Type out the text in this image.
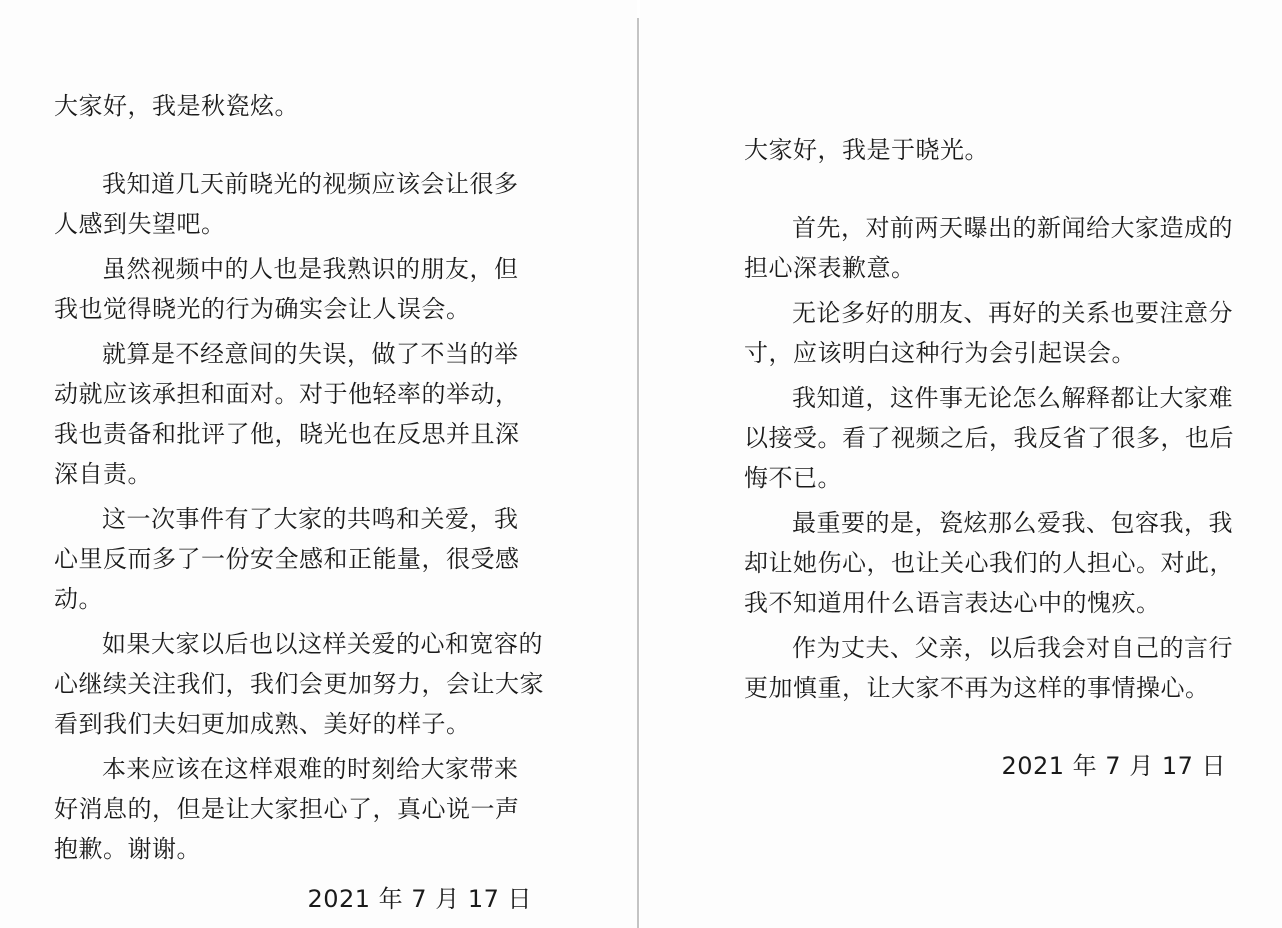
大家好，我是秋瓷炫。

我知道几天前晓光的视频应该会让很多人感到失望吧。

虽然视频中的人也是我熟识的朋友，但我也觉得晓光的行为确实会让人误会。

就算是不经意间的失误，做了不当的举动就应该承担和面对。对于他轻率的举动，我也责备和批评了他，晓光也在反思并且深深自责。

这一次事件有了大家的共鸣和关爱，我心里反而多了一份安全感和正能量，很受感动。

如果大家以后也以这样关爱的心和宽容的心继续关注我们，我们会更加努力，会让大家看到我们夫妇更加成熟、美好的样子。

本来应该在这样艰难的时刻给大家带来好消息的，但是让大家担心了，真心说一声抱歉。谢谢。

2021 年 7 月 17 日

大家好，我是于晓光。

首先，对前两天曝出的新闻给大家造成的担心深表歉意。

无论多好的朋友、再好的关系也要注意分寸，应该明白这种行为会引起误会。

我知道，这件事无论怎么解释都让大家难以接受。看了视频之后，我反省了很多，也后悔不已。

最重要的是，瓷炫那么爱我、包容我，我却让她伤心，也让关心我们的人担心。对此，我不知道用什么语言表达心中的愧疚。

作为丈夫、父亲，以后我会对自己的言行更加慎重，让大家不再为这样的事情操心。

2021 年 7 月 17 日
